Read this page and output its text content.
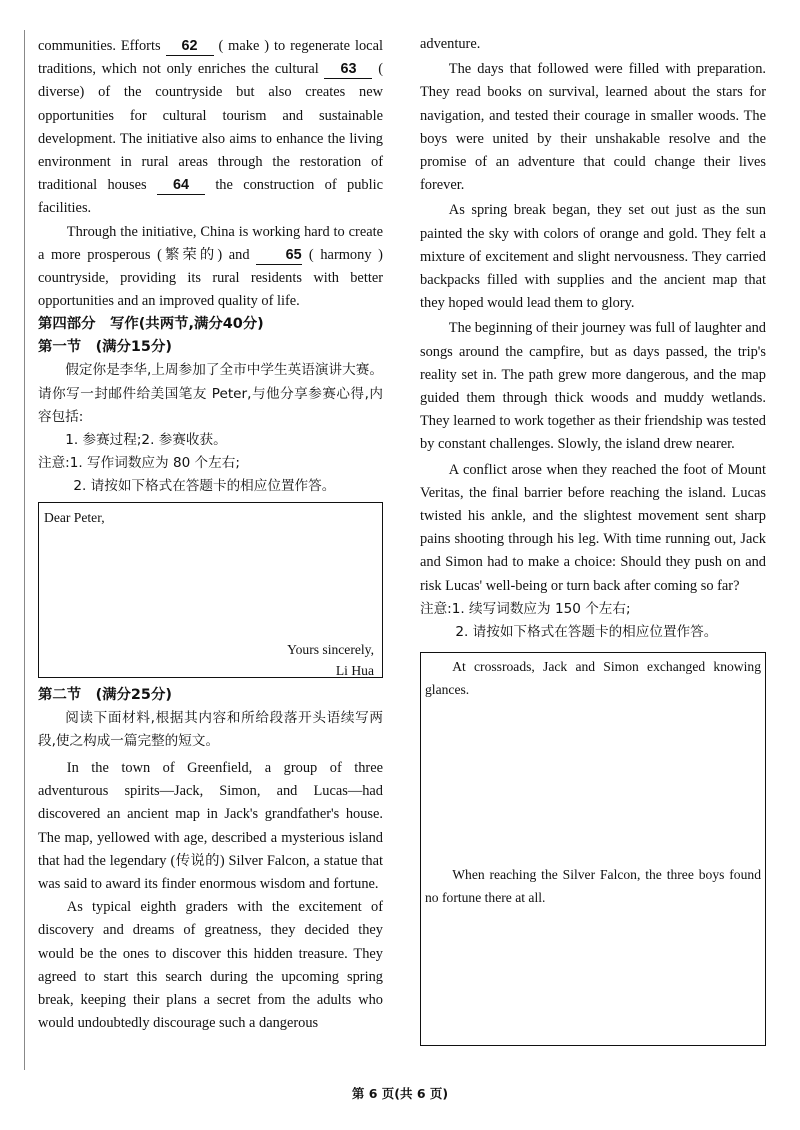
communities. Efforts 62 ( make ) to regenerate local traditions, which not only enriches the cultural 63 ( diverse) of the countryside but also creates new opportunities for cultural tourism and sustainable development. The initiative also aims to enhance the living environment in rural areas through the restoration of traditional houses 64 the construction of public facilities.

Through the initiative, China is working hard to create a more prosperous (繁荣的) and	65 ( harmony ) countryside, providing its rural residents with better opportunities and an improved quality of life.

第四部分　写作(共两节,满分40分)
第一节　(满分15分)

假定你是李华,上周参加了全市中学生英语演讲大赛。请你写一封邮件给美国笔友 Peter,与他分享参赛心得,内容包括:

1. 参赛过程;2. 参赛收获。

注意:1. 写作词数应为 80 个左右;

2. 请按如下格式在答题卡的相应位置作答。

Dear Peter,

Yours sincerely,

Li Hua

第二节　(满分25分)

阅读下面材料,根据其内容和所给段落开头语续写两段,使之构成一篇完整的短文。

In the town of Greenfield, a group of three adventurous spirits—Jack, Simon, and Lucas—had discovered an ancient map in Jack's grandfather's house. The map, yellowed with age, described a mysterious island that had the legendary (传说的) Silver Falcon, a statue that was said to award its finder enormous wisdom and fortune.

As typical eighth graders with the excitement of discovery and dreams of greatness, they decided they would be the ones to discover this hidden treasure. They agreed to start this search during the upcoming spring break, keeping their plans a secret from the adults who would undoubtedly discourage such a dangerous

adventure.

The days that followed were filled with preparation. They read books on survival, learned about the stars for navigation, and tested their courage in smaller woods. The boys were united by their unshakable resolve and the promise of an adventure that could change their lives forever.

As spring break began, they set out just as the sun painted the sky with colors of orange and gold. They felt a mixture of excitement and slight nervousness. They carried backpacks filled with supplies and the ancient map that they hoped would lead them to glory.

The beginning of their journey was full of laughter and songs around the campfire, but as days passed, the trip's reality set in. The path grew more dangerous, and the map guided them through thick woods and muddy wetlands. They learned to work together as their friendship was tested by constant challenges. Slowly, the island drew nearer.

A conflict arose when they reached the foot of Mount Veritas, the final barrier before reaching the island. Lucas twisted his ankle, and the slightest movement sent sharp pains shooting through his leg. With time running out, Jack and Simon had to make a choice: Should they push on and risk Lucas' well-being or turn back after coming so far?

注意:1. 续写词数应为 150 个左右;

2. 请按如下格式在答题卡的相应位置作答。

At crossroads, Jack and Simon exchanged knowing glances.

When reaching the Silver Falcon, the three boys found no fortune there at all.

第 6 页(共 6 页)
